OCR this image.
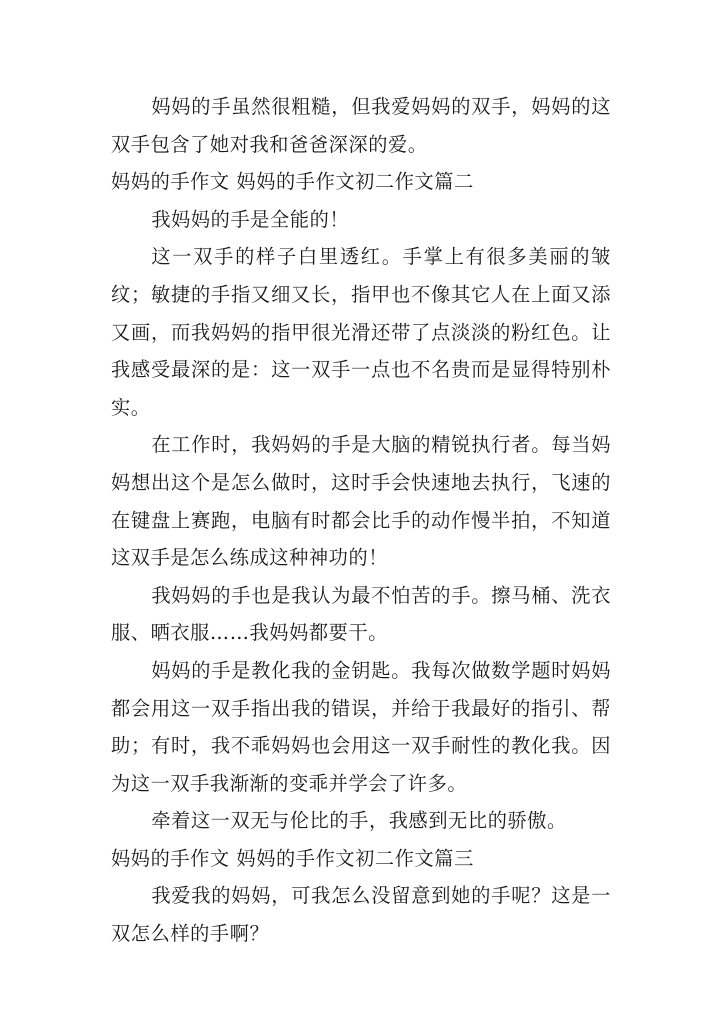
妈妈的手虽然很粗糙，但我爱妈妈的双手，妈妈的这双手包含了她对我和爸爸深深的爱。

妈妈的手作文 妈妈的手作文初二作文篇二

我妈妈的手是全能的！

这一双手的样子白里透红。手掌上有很多美丽的皱纹；敏捷的手指又细又长，指甲也不像其它人在上面又添又画，而我妈妈的指甲很光滑还带了点淡淡的粉红色。让我感受最深的是：这一双手一点也不名贵而是显得特别朴实。

在工作时，我妈妈的手是大脑的精锐执行者。每当妈妈想出这个是怎么做时，这时手会快速地去执行，飞速的在键盘上赛跑，电脑有时都会比手的动作慢半拍，不知道这双手是怎么练成这种神功的！

我妈妈的手也是我认为最不怕苦的手。擦马桶、洗衣服、晒衣服……我妈妈都要干。

妈妈的手是教化我的金钥匙。我每次做数学题时妈妈都会用这一双手指出我的错误，并给于我最好的指引、帮助；有时，我不乖妈妈也会用这一双手耐性的教化我。因为这一双手我渐渐的变乖并学会了许多。

牵着这一双无与伦比的手，我感到无比的骄傲。

妈妈的手作文 妈妈的手作文初二作文篇三

我爱我的妈妈，可我怎么没留意到她的手呢？这是一双怎么样的手啊？
